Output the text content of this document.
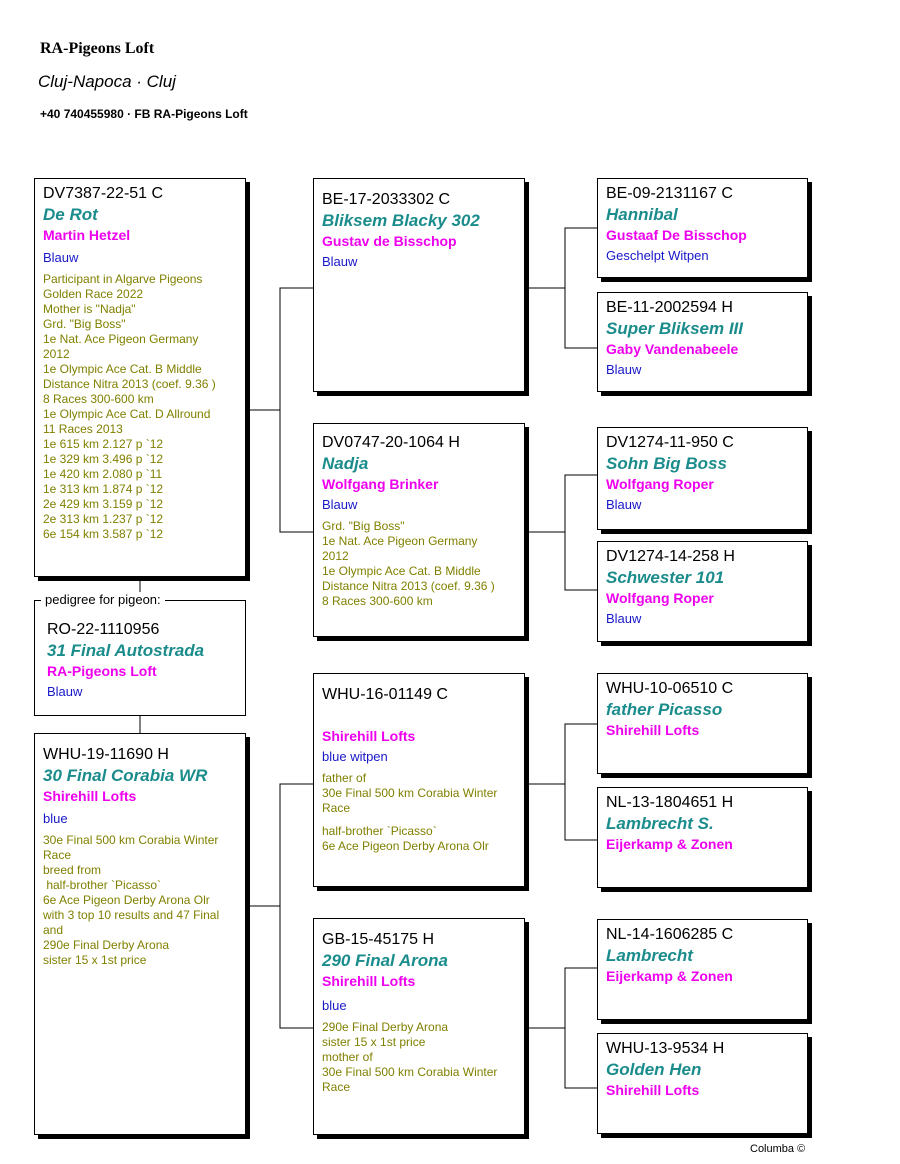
RA-Pigeons Loft
Cluj-Napoca · Cluj
+40 740455980 · FB RA-Pigeons Loft
DV7387-22-51 C
De Rot
Martin Hetzel
Blauw
Participant in Algarve Pigeons
Golden Race 2022
Mother is "Nadja"
Grd. "Big Boss"
1e Nat. Ace Pigeon Germany
2012
1e Olympic Ace Cat. B Middle
Distance Nitra 2013 (coef. 9.36 )
8 Races 300-600 km
1e Olympic Ace Cat. D Allround
11 Races 2013
1e 615 km 2.127 p `12
1e 329 km 3.496 p `12
1e 420 km 2.080 p `11
1e 313 km 1.874 p `12
2e 429 km 3.159 p `12
2e 313 km 1.237 p `12
6e 154 km 3.587 p `12
pedigree for pigeon:
RO-22-1110956
31 Final Autostrada
RA-Pigeons Loft
Blauw
WHU-19-11690 H
30 Final Corabia WR
Shirehill Lofts
blue
30e Final 500 km Corabia Winter
Race
breed from
half-brother `Picasso`
6e Ace Pigeon Derby Arona Olr
with 3 top 10 results and 47 Final
and
290e Final Derby Arona
sister 15 x 1st price
BE-17-2033302 C
Bliksem Blacky 302
Gustav de Bisschop
Blauw
DV0747-20-1064 H
Nadja
Wolfgang Brinker
Blauw
Grd. "Big Boss"
1e Nat. Ace Pigeon Germany
2012
1e Olympic Ace Cat. B Middle
Distance Nitra 2013 (coef. 9.36 )
8 Races 300-600 km
WHU-16-01149 C
Shirehill Lofts
blue witpen
father of
30e Final 500 km Corabia Winter
Race
half-brother `Picasso`
6e Ace Pigeon Derby Arona Olr
GB-15-45175 H
290 Final Arona
Shirehill Lofts
blue
290e Final Derby Arona
sister 15 x 1st price
mother of
30e Final 500 km Corabia Winter
Race
BE-09-2131167 C
Hannibal
Gustaaf De Bisschop
Geschelpt Witpen
BE-11-2002594 H
Super Bliksem III
Gaby Vandenabeele
Blauw
DV1274-11-950 C
Sohn Big Boss
Wolfgang Roper
Blauw
DV1274-14-258 H
Schwester 101
Wolfgang Roper
Blauw
WHU-10-06510 C
father Picasso
Shirehill Lofts
NL-13-1804651 H
Lambrecht S.
Eijerkamp & Zonen
NL-14-1606285 C
Lambrecht
Eijerkamp & Zonen
WHU-13-9534 H
Golden Hen
Shirehill Lofts
Columba ©
